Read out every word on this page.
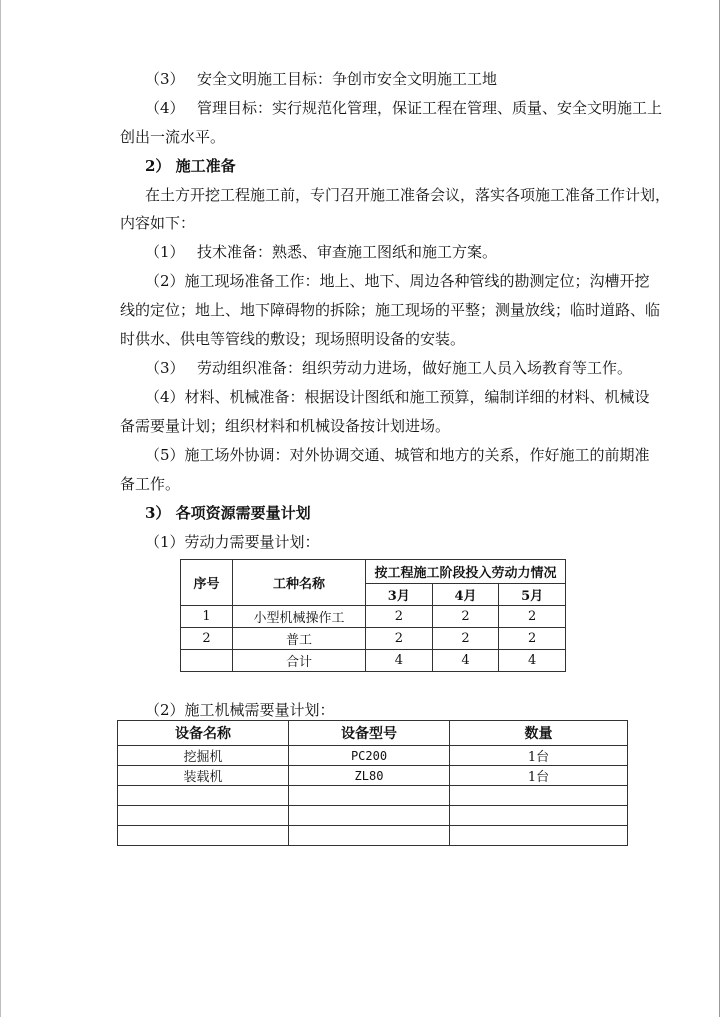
（3） 安全文明施工目标：争创市安全文明施工工地
（4） 管理目标：实行规范化管理，保证工程在管理、质量、安全文明施工上
创出一流水平。
2） 施工准备
在土方开挖工程施工前，专门召开施工准备会议，落实各项施工准备工作计划，
内容如下：
（1） 技术准备：熟悉、审查施工图纸和施工方案。
（2）施工现场准备工作：地上、地下、周边各种管线的勘测定位；沟槽开挖
线的定位；地上、地下障碍物的拆除；施工现场的平整；测量放线；临时道路、临
时供水、供电等管线的敷设；现场照明设备的安装。
（3） 劳动组织准备：组织劳动力进场，做好施工人员入场教育等工作。
（4）材料、机械准备：根据设计图纸和施工预算，编制详细的材料、机械设
备需要量计划；组织材料和机械设备按计划进场。
（5）施工场外协调：对外协调交通、城管和地方的关系，作好施工的前期准
备工作。
3） 各项资源需要量计划
（1）劳动力需要量计划：
序号	工种名称	按工程施工阶段投入劳动力情况		
		3月	4月	5月
1	小型机械操作工	2	2	2
2	普工	2	2	2
	合计	4	4	4
（2）施工机械需要量计划：
设备名称	设备型号	数量
挖掘机	PC200	1台
装载机	ZL80	1台
